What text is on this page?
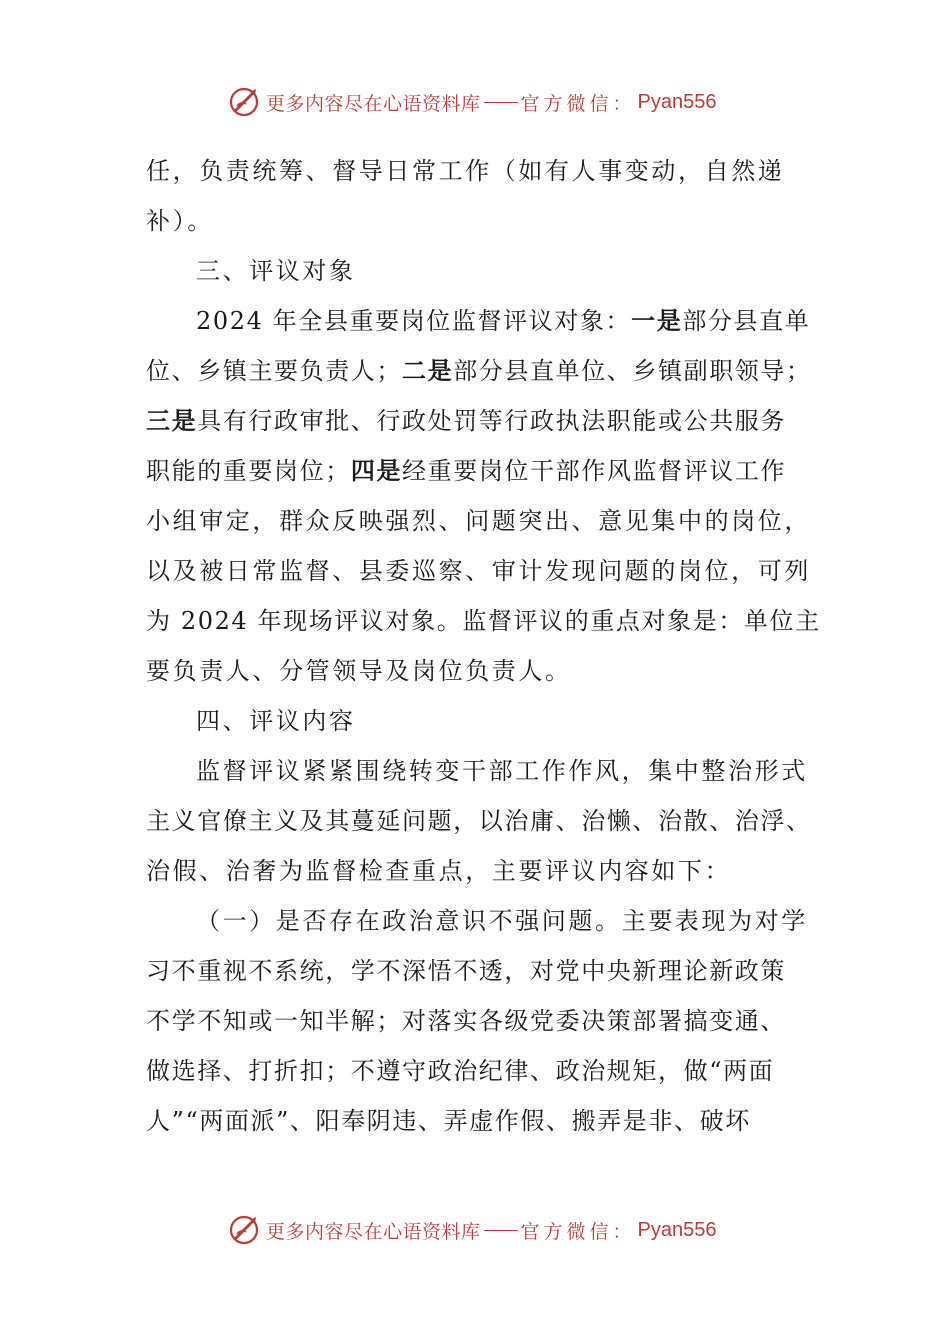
更多内容尽在心语资料库 官方微信： Pyan556
任，负责统筹、督导日常工作（如有人事变动，自然递
补）。
三、评议对象
2024 年全县重要岗位监督评议对象：一是部分县直单
位、乡镇主要负责人；二是部分县直单位、乡镇副职领导；
三是具有行政审批、行政处罚等行政执法职能或公共服务
职能的重要岗位；四是经重要岗位干部作风监督评议工作
小组审定，群众反映强烈、问题突出、意见集中的岗位，
以及被日常监督、县委巡察、审计发现问题的岗位，可列
为 2024 年现场评议对象。监督评议的重点对象是：单位主
要负责人、分管领导及岗位负责人。
四、评议内容
监督评议紧紧围绕转变干部工作作风，集中整治形式
主义官僚主义及其蔓延问题，以治庸、治懒、治散、治浮、
治假、治奢为监督检查重点，主要评议内容如下：
（一）是否存在政治意识不强问题。主要表现为对学
习不重视不系统，学不深悟不透，对党中央新理论新政策
不学不知或一知半解；对落实各级党委决策部署搞变通、
做选择、打折扣；不遵守政治纪律、政治规矩，做“两面
人”“两面派”、阳奉阴违、弄虚作假、搬弄是非、破坏
更多内容尽在心语资料库 官方微信： Pyan556
